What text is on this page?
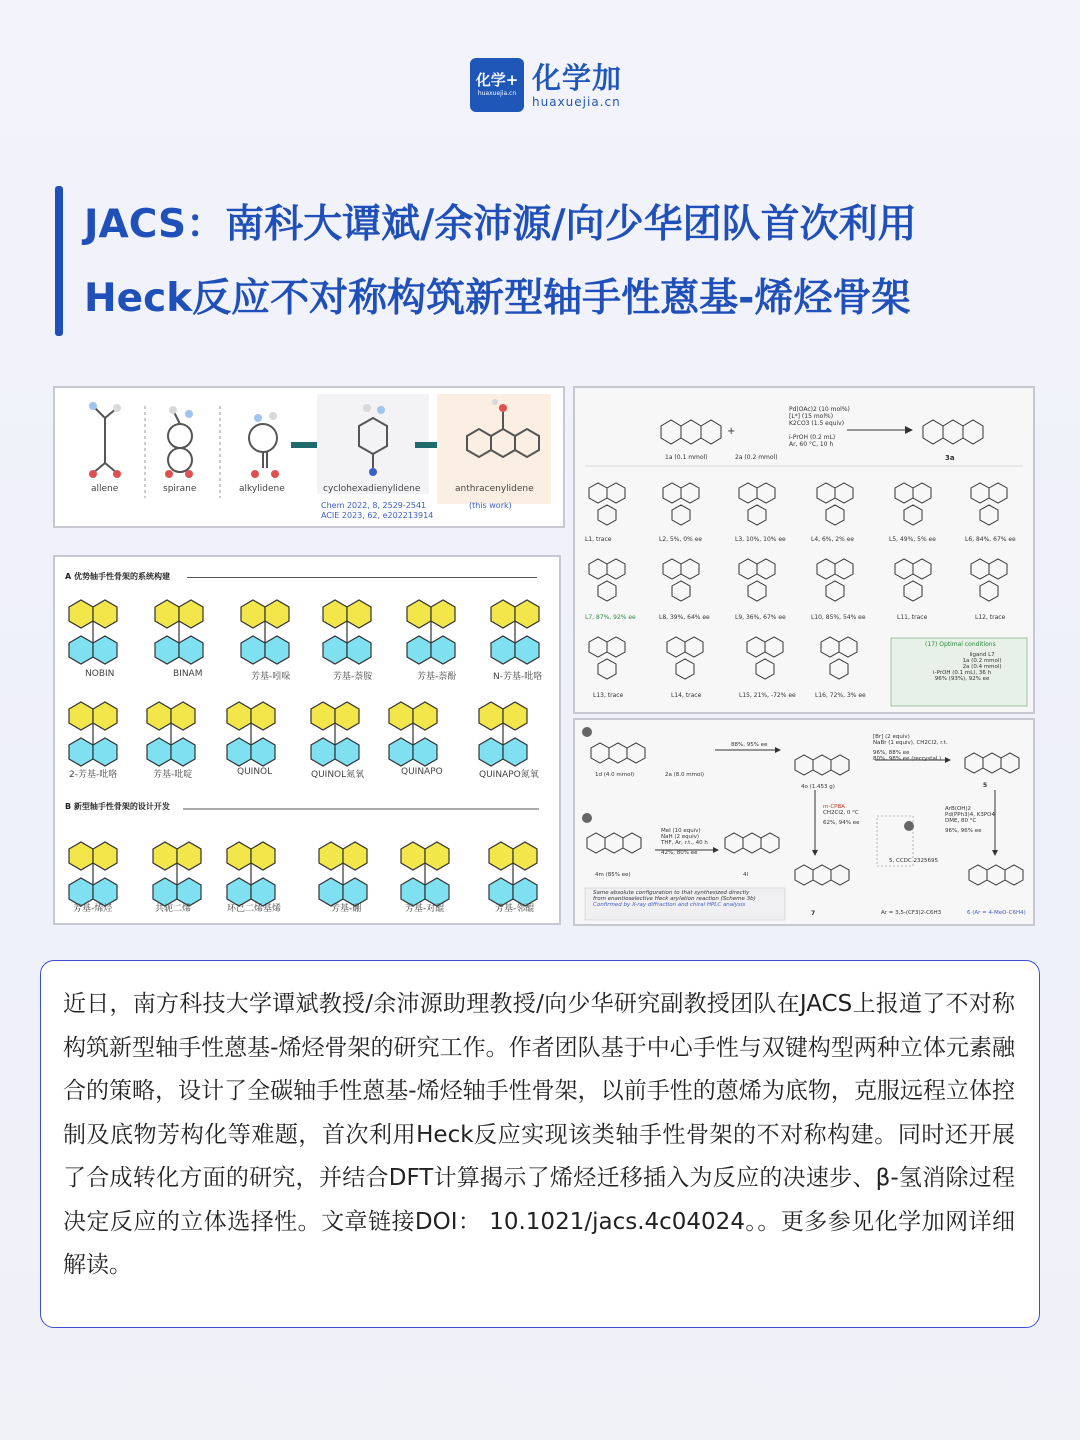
化学+
huaxuejia.cn 化学加
huaxuejia.cn
JACS：南科大谭斌/余沛源/向少华团队首次利用
Heck反应不对称构筑新型轴手性蒽基-烯烃骨架
allene	spirane	alkylidene	cyclohexadienylidene	anthracenylidene
Chem 2022, 8, 2529-2541
ACIE 2023, 62, e202213914
(this work)
A 优势轴手性骨架的系统构建
NOBIN	BINAM	芳基-吲哚	芳基-萘胺	芳基-萘酚	N-芳基-吡咯
2-芳基-吡咯	芳基-吡啶	QUINOL	QUINOL氮氧	QUINAPO	QUINAPO氮氧
B 新型轴手性骨架的设计开发
芳基-烯烃	共轭二烯	环己二烯基烯	芳基-硼	芳基-对醌	芳基-邻醌
+
Pd(OAc)2 (10 mol%)
[L*] (15 mol%)
K2CO3 (1.5 equiv)
i-PrOH (0.2 mL)
Ar, 60 °C, 10 h
1a (0.1 mmol)	2a (0.2 mmol)	3a
L1, trace	L2, 5%, 0% ee	L3, 10%, 10% ee	L4, 6%, 2% ee	L5, 49%, 5% ee	L6, 84%, 67% ee
L7, 87%, 92% ee	L8, 39%, 64% ee	L9, 36%, 67% ee	L10, 85%, 54% ee	L11, trace	L12, trace
L13, trace	L14, trace	L15, 21%, -72% ee	L16, 72%, 3% ee
(17) Optimal conditions
ligand L7
1a (0.2 mmol)
2a (0.4 mmol)
i-PrOH (0.1 mL), 36 h
96% (93%), 92% ee
88%, 95% ee
1d (4.0 mmol)	2a (8.0 mmol)
4o (1.453 g)
[Br] (2 equiv)
NaBr (1 equiv), CH2Cl2, r.t.
96%, 88% ee
80%, 98% ee (recrystal.)
5
MeI (10 equiv)
NaH (2 equiv)
THF, Ar, r.t., 40 h
42%, 80% ee
4m (85% ee)	4l
m-CPBA
CH2Cl2, 0 °C
62%, 94% ee
ArB(OH)2
Pd(PPh3)4, K3PO4
DME, 80 °C
96%, 96% ee
5, CCDC 2325695
Ar = 3,5-(CF3)2-C6H3
7	6 (Ar = 4-MeO-C6H4)
Same absolute configuration to that synthesized directly
from enantioselective Heck arylation reaction (Scheme 3b)
Confirmed by X-ray diffraction and chiral HPLC analysis

近日，南方科技大学谭斌教授/余沛源助理教授/向少华研究副教授团队在JACS上报道了不对称构筑新型轴手性蒽基-烯烃骨架的研究工作。作者团队基于中心手性与双键构型两种立体元素融合的策略，设计了全碳轴手性蒽基-烯烃轴手性骨架，以前手性的蒽烯为底物，克服远程立体控制及底物芳构化等难题，首次利用Heck反应实现该类轴手性骨架的不对称构建。同时还开展了合成转化方面的研究，并结合DFT计算揭示了烯烃迁移插入为反应的决速步、β-氢消除过程决定反应的立体选择性。文章链接DOI： 10.1021/jacs.4c04024。。更多参见化学加网详细解读。
